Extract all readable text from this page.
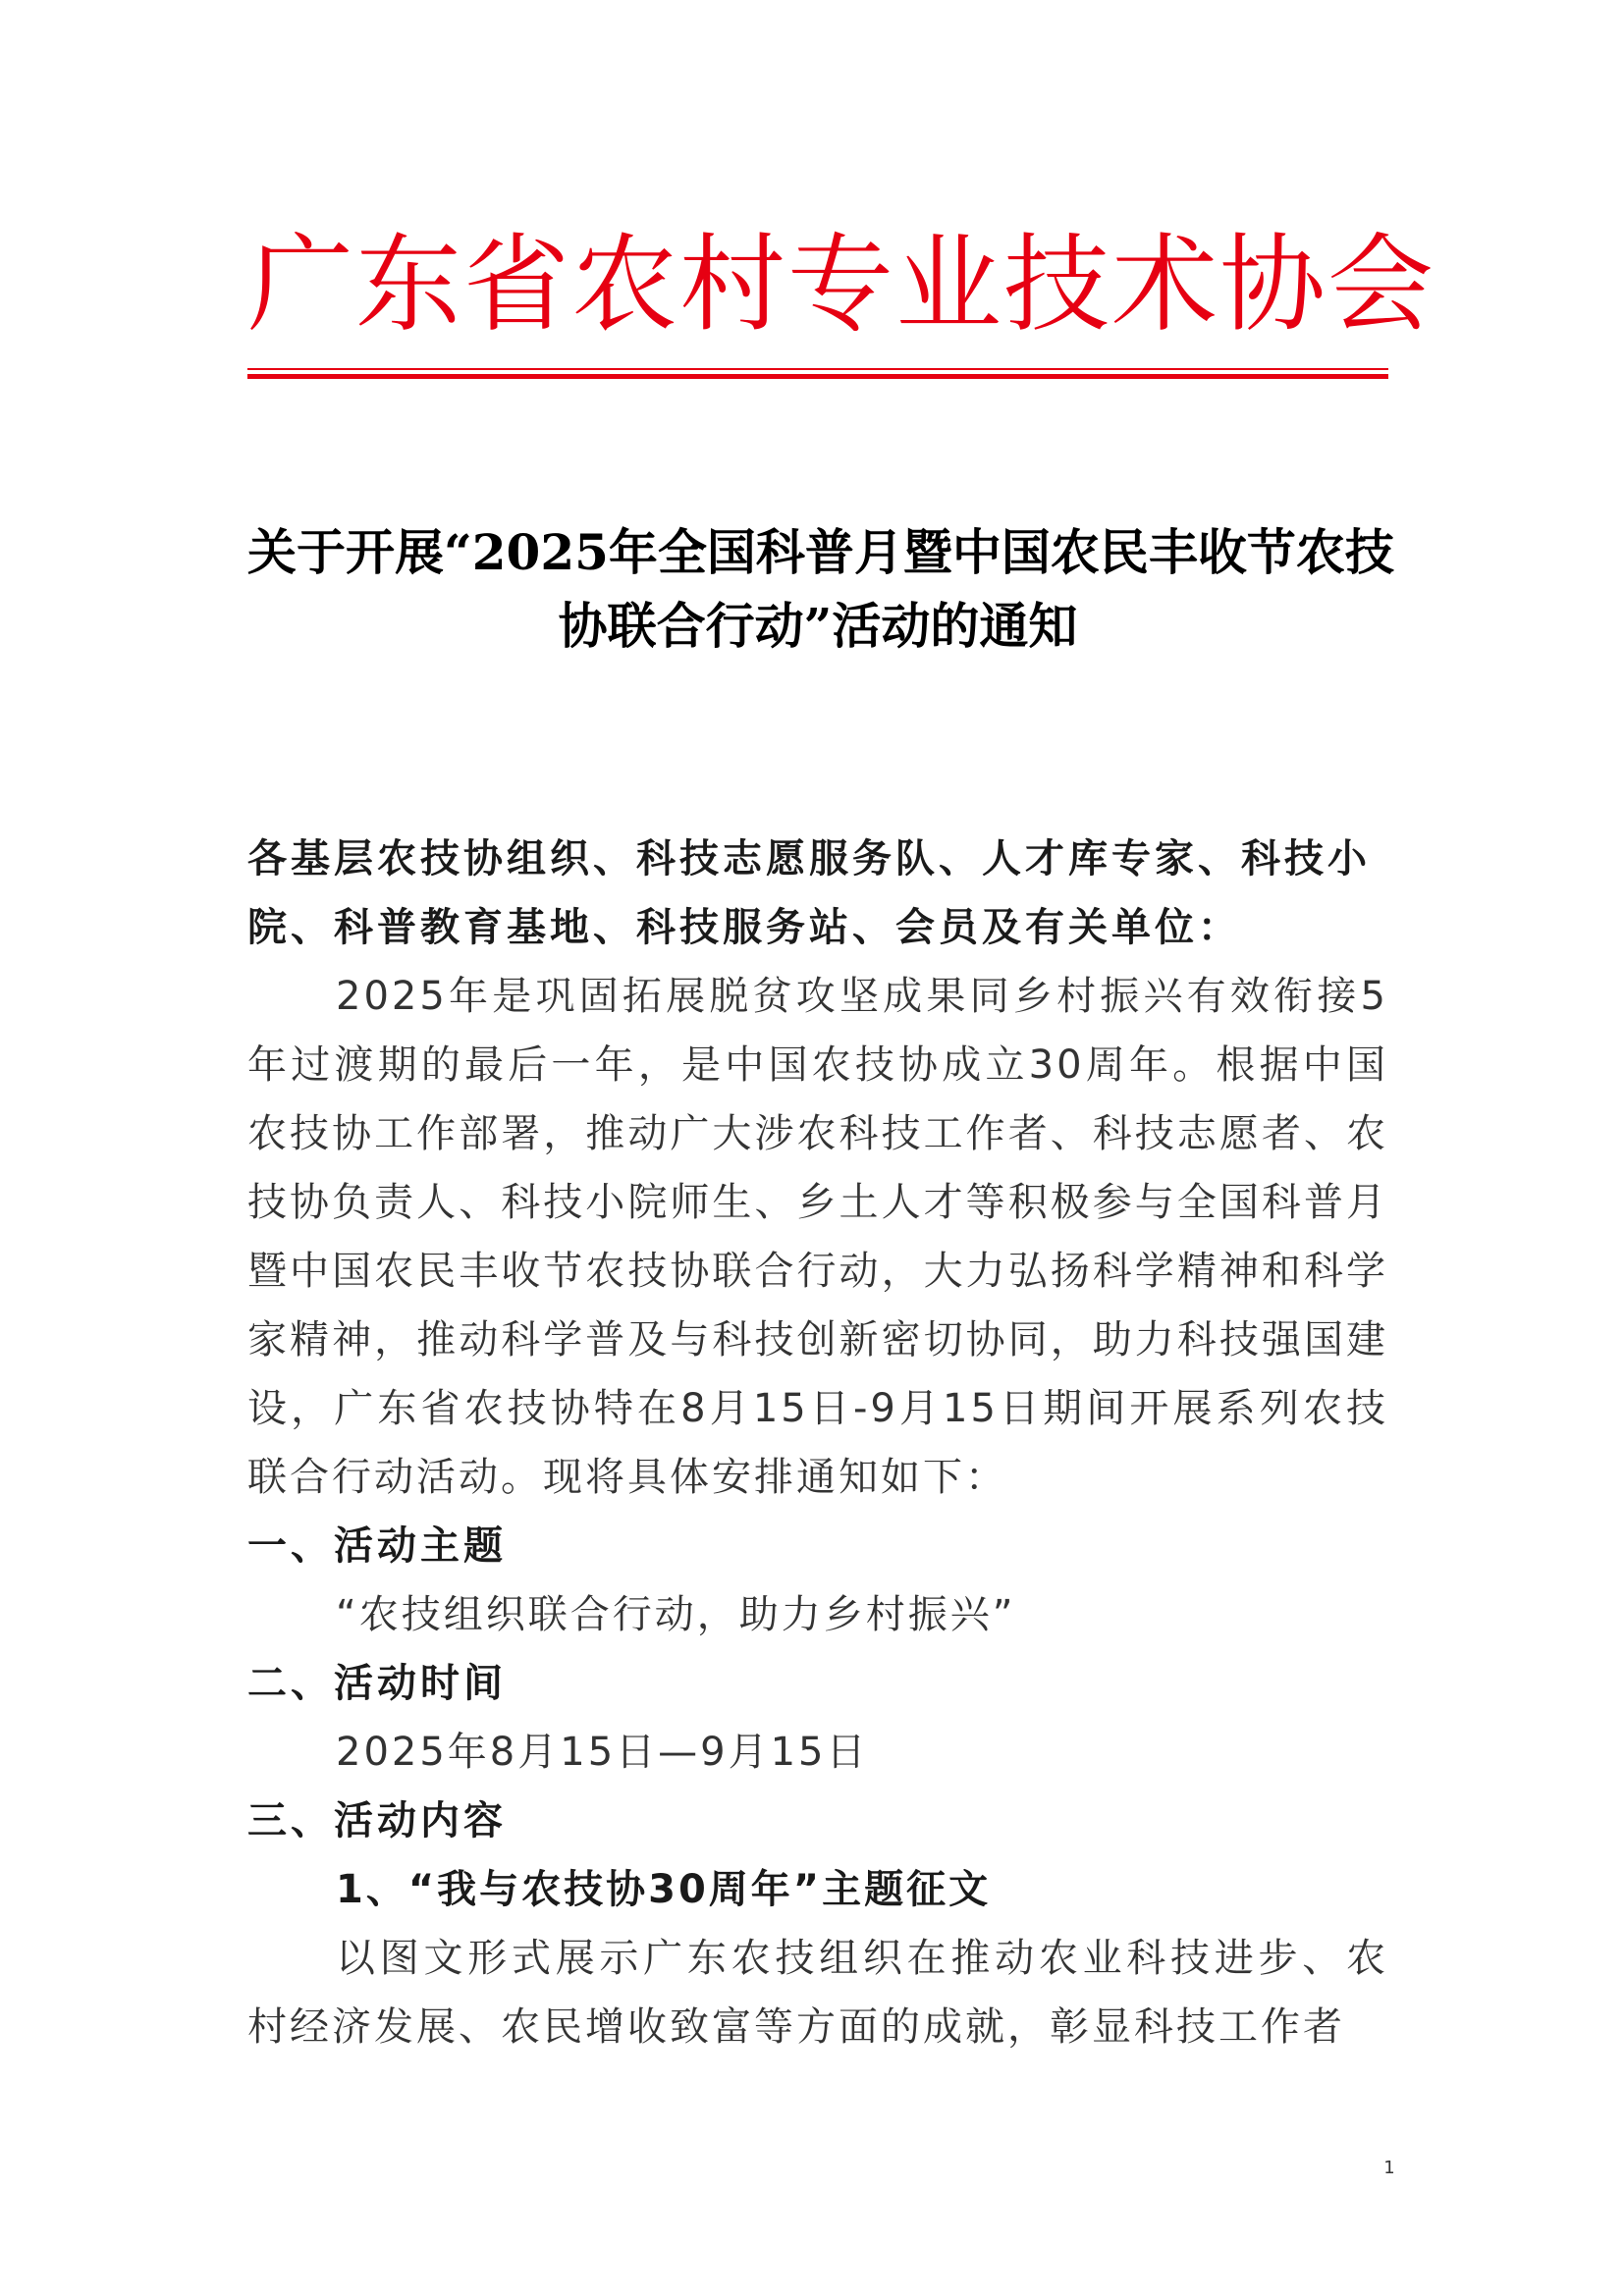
广东省农村专业技术协会
关于开展“2025年全国科普月暨中国农民丰收节农技
协联合行动”活动的通知
各基层农技协组织、科技志愿服务队、人才库专家、科技小院、科普教育基地、科技服务站、会员及有关单位：
2025年是巩固拓展脱贫攻坚成果同乡村振兴有效衔接5年过渡期的最后一年，是中国农技协成立30周年。根据中国农技协工作部署，推动广大涉农科技工作者、科技志愿者、农技协负责人、科技小院师生、乡土人才等积极参与全国科普月暨中国农民丰收节农技协联合行动，大力弘扬科学精神和科学家精神，推动科学普及与科技创新密切协同，助力科技强国建设，广东省农技协特在8月15日-9月15日期间开展系列农技联合行动活动。现将具体安排通知如下：
一、活动主题
“农技组织联合行动，助力乡村振兴”
二、活动时间
2025年8月15日—9月15日
三、活动内容
1、“我与农技协30周年”主题征文
以图文形式展示广东农技组织在推动农业科技进步、农村经济发展、农民增收致富等方面的成就，彰显科技工作者
1
